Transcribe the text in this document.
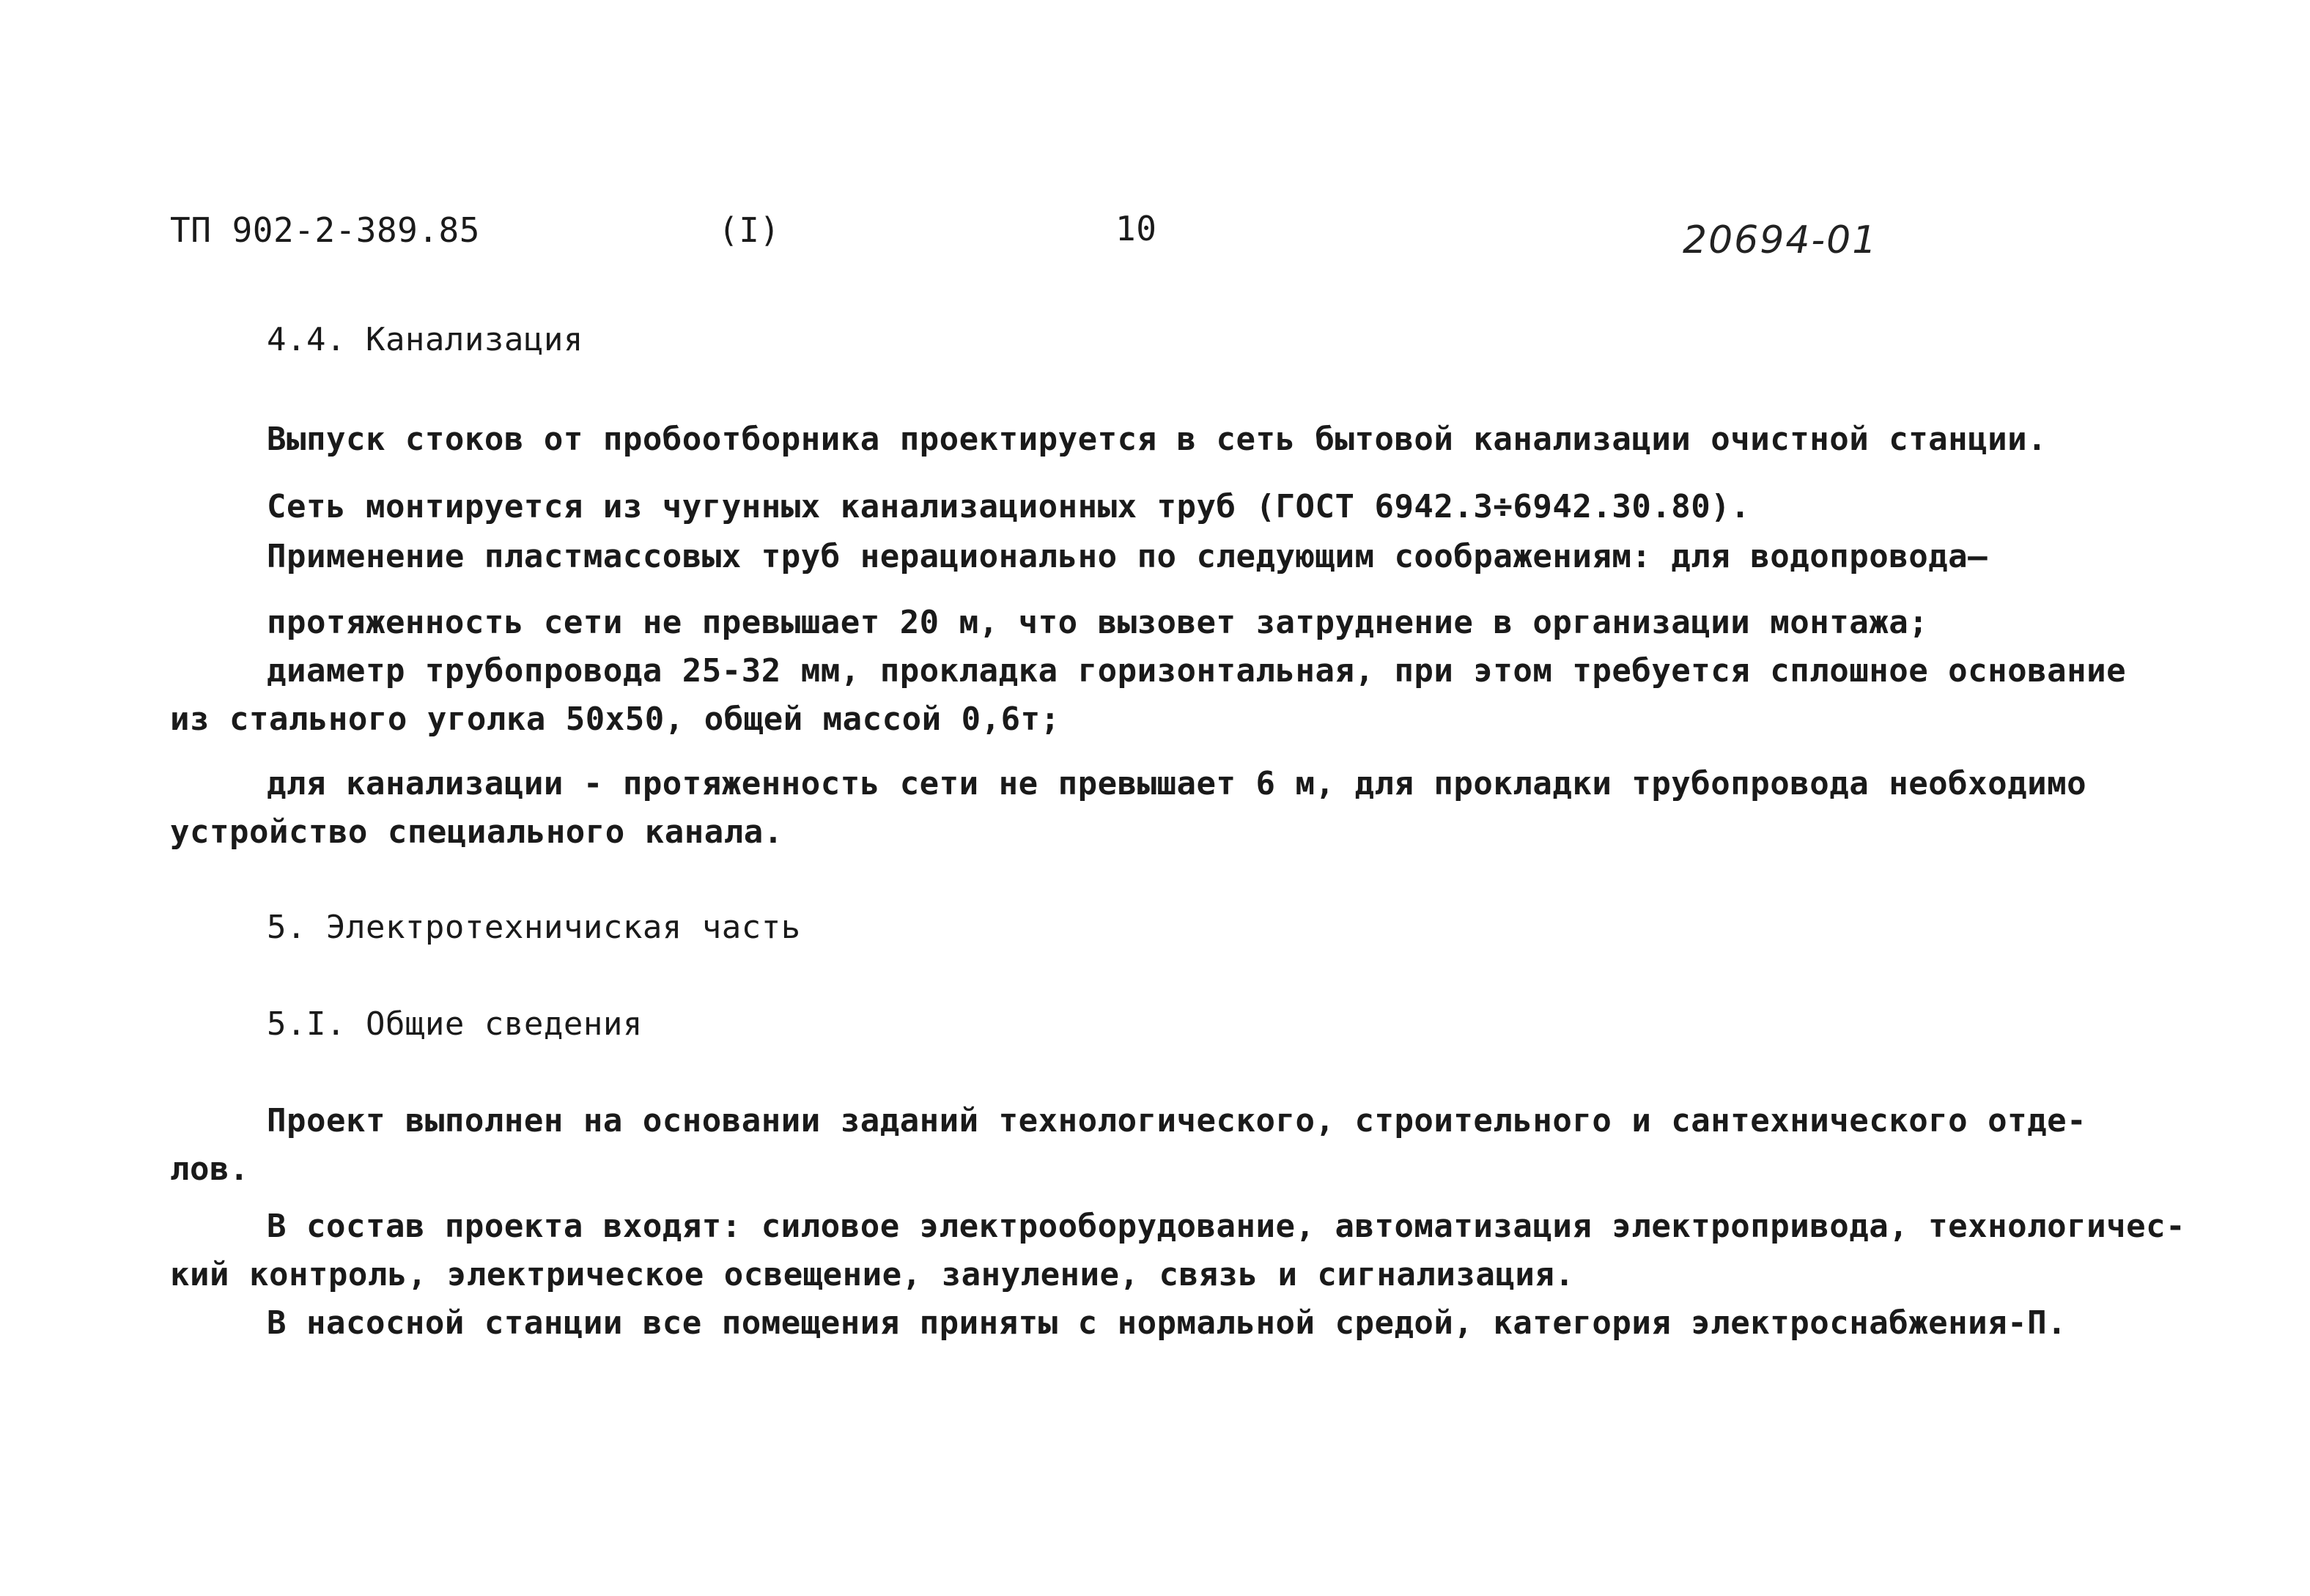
ТП 902-2-389.85	(I)	10	20694-01
4.4. Канализация
Выпуск стоков от пробоотборника проектируется в сеть бытовой канализации очистной станции.
Сеть монтируется из чугунных канализационных труб (ГОСТ 6942.3÷6942.30.80).
Применение пластмассовых труб нерационально по следующим соображениям: для водопровода—
протяженность сети не превышает 20 м, что вызовет затруднение в организации монтажа;
диаметр трубопровода 25-32 мм, прокладка горизонтальная, при этом требуется сплошное основание
из стального уголка 50х50, общей массой 0,6т;
для канализации - протяженность сети не превышает 6 м, для прокладки трубопровода необходимо
устройство специального канала.
5. Электротехничиская часть
5.I. Общие сведения
Проект выполнен на основании заданий технологического, строительного и сантехнического отде-
лов.
В состав проекта входят: силовое электрооборудование, автоматизация электропривода, технологичес-
кий контроль, электрическое освещение, зануление, связь и сигнализация.
В насосной станции все помещения приняты с нормальной средой, категория электроснабжения-П.
